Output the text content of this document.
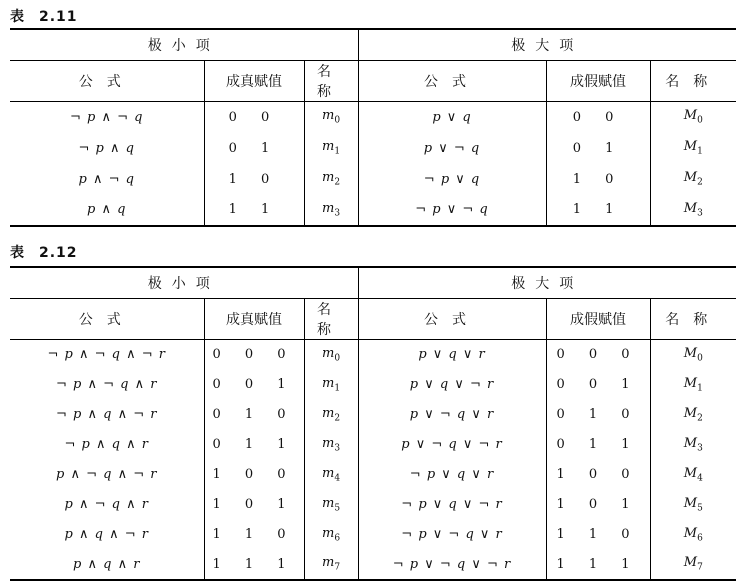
表 2.11
极小项			极大项		
公式	成真赋值	名称	公式	成假赋值	名称
¬ p ∧ ¬ q	0 0	$m_0$	p ∨ q	0 0	$M_0$
¬ p ∧ q	0 1	$m_1$	p ∨ ¬ q	0 1	$M_1$
p ∧ ¬ q	1 0	$m_2$	¬ p ∨ q	1 0	$M_2$
p ∧ q	1 1	$m_3$	¬ p ∨ ¬ q	1 1	$M_3$
表 2.12
极小项			极大项		
公式	成真赋值	名称	公式	成假赋值	名称
¬ p ∧ ¬ q ∧ ¬ r	0 0 0	$m_0$	p ∨ q ∨ r	0 0 0	$M_0$
¬ p ∧ ¬ q ∧ r	0 0 1	$m_1$	p ∨ q ∨ ¬ r	0 0 1	$M_1$
¬ p ∧ q ∧ ¬ r	0 1 0	$m_2$	p ∨ ¬ q ∨ r	0 1 0	$M_2$
¬ p ∧ q ∧ r	0 1 1	$m_3$	p ∨ ¬ q ∨ ¬ r	0 1 1	$M_3$
p ∧ ¬ q ∧ ¬ r	1 0 0	$m_4$	¬ p ∨ q ∨ r	1 0 0	$M_4$
p ∧ ¬ q ∧ r	1 0 1	$m_5$	¬ p ∨ q ∨ ¬ r	1 0 1	$M_5$
p ∧ q ∧ ¬ r	1 1 0	$m_6$	¬ p ∨ ¬ q ∨ r	1 1 0	$M_6$
p ∧ q ∧ r	1 1 1	$m_7$	¬ p ∨ ¬ q ∨ ¬ r	1 1 1	$M_7$
